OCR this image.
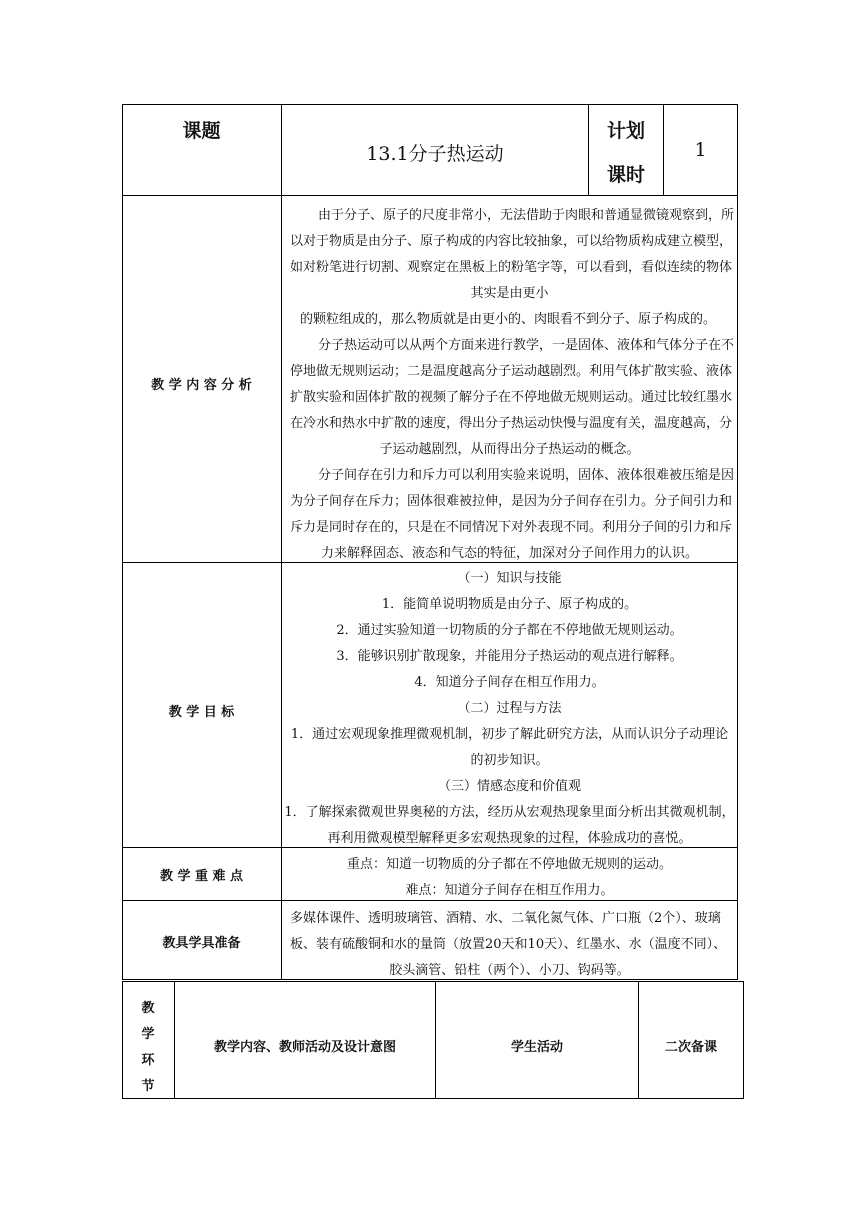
课题
13.1分子热运动
计划
课时
1
教 学 内 容 分 析
由于分子、原子的尺度非常小，无法借助于肉眼和普通显微镜观察到，所
以对于物质是由分子、原子构成的内容比较抽象，可以给物质构成建立模型，
如对粉笔进行切割、观察定在黑板上的粉笔字等，可以看到，看似连续的物体
其实是由更小
的颗粒组成的，那么物质就是由更小的、肉眼看不到分子、原子构成的。
分子热运动可以从两个方面来进行教学，一是固体、液体和气体分子在不
停地做无规则运动；二是温度越高分子运动越剧烈。利用气体扩散实验、液体
扩散实验和固体扩散的视频了解分子在不停地做无规则运动。通过比较红墨水
在冷水和热水中扩散的速度，得出分子热运动快慢与温度有关，温度越高，分
子运动越剧烈，从而得出分子热运动的概念。
分子间存在引力和斥力可以利用实验来说明，固体、液体很难被压缩是因
为分子间存在斥力；固体很难被拉伸，是因为分子间存在引力。分子间引力和
斥力是同时存在的，只是在不同情况下对外表现不同。利用分子间的引力和斥
力来解释固态、液态和气态的特征，加深对分子间作用力的认识。
教 学 目 标
（一）知识与技能
1．能简单说明物质是由分子、原子构成的。
2．通过实验知道一切物质的分子都在不停地做无规则运动。
3．能够识别扩散现象，并能用分子热运动的观点进行解释。
4．知道分子间存在相互作用力。
（二）过程与方法
1．通过宏观现象推理微观机制，初步了解此研究方法，从而认识分子动理论
的初步知识。
（三）情感态度和价值观
1．了解探索微观世界奥秘的方法，经历从宏观热现象里面分析出其微观机制，
再利用微观模型解释更多宏观热现象的过程，体验成功的喜悦。
教 学 重 难 点
重点：知道一切物质的分子都在不停地做无规则的运动。
难点：知道分子间存在相互作用力。
教具学具准备
多媒体课件、透明玻璃管、酒精、水、二氧化氮气体、广口瓶（2个）、玻璃
板、装有硫酸铜和水的量筒（放置20天和10天）、红墨水、水（温度不同）、
胶头滴管、铅柱（两个）、小刀、钩码等。
教
学
环
节
教学内容、教师活动及设计意图	学生活动	二次备课
